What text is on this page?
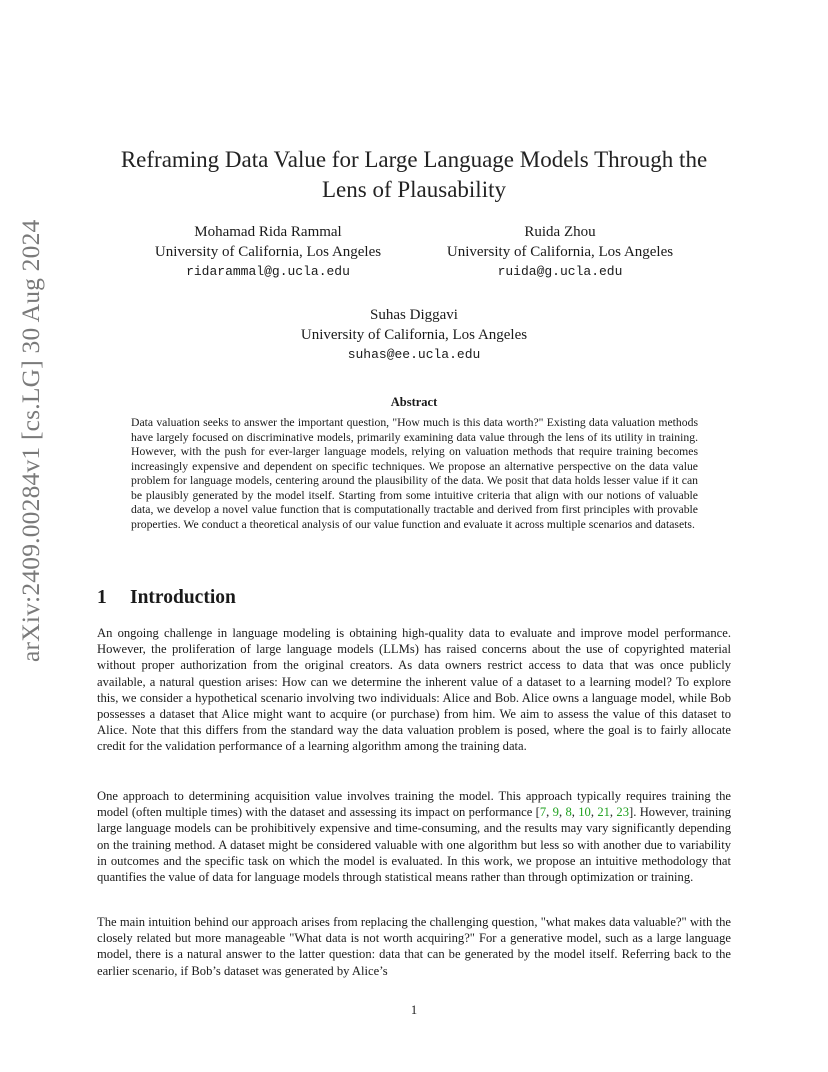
arXiv:2409.00284v1 [cs.LG] 30 Aug 2024
Reframing Data Value for Large Language Models Through the Lens of Plausability
Mohamad Rida Rammal
University of California, Los Angeles
ridarammal@g.ucla.edu
Ruida Zhou
University of California, Los Angeles
ruida@g.ucla.edu
Suhas Diggavi
University of California, Los Angeles
suhas@ee.ucla.edu
Abstract
Data valuation seeks to answer the important question, "How much is this data worth?" Existing data valuation methods have largely focused on discriminative models, primarily examining data value through the lens of its utility in training. However, with the push for ever-larger language models, relying on valuation methods that require training becomes increasingly expensive and dependent on specific techniques. We propose an alternative perspective on the data value problem for language models, centering around the plausibility of the data. We posit that data holds lesser value if it can be plausibly generated by the model itself. Starting from some intuitive criteria that align with our notions of valuable data, we develop a novel value function that is computationally tractable and derived from first principles with provable properties. We conduct a theoretical analysis of our value function and evaluate it across multiple scenarios and datasets.
1 Introduction
An ongoing challenge in language modeling is obtaining high-quality data to evaluate and improve model performance. However, the proliferation of large language models (LLMs) has raised concerns about the use of copyrighted material without proper authorization from the original creators. As data owners restrict access to data that was once publicly available, a natural question arises: How can we determine the inherent value of a dataset to a learning model? To explore this, we consider a hypothetical scenario involving two individuals: Alice and Bob. Alice owns a language model, while Bob possesses a dataset that Alice might want to acquire (or purchase) from him. We aim to assess the value of this dataset to Alice. Note that this differs from the standard way the data valuation problem is posed, where the goal is to fairly allocate credit for the validation performance of a learning algorithm among the training data.
One approach to determining acquisition value involves training the model. This approach typically requires training the model (often multiple times) with the dataset and assessing its impact on performance [7, 9, 8, 10, 21, 23]. However, training large language models can be prohibitively expensive and time-consuming, and the results may vary significantly depending on the training method. A dataset might be considered valuable with one algorithm but less so with another due to variability in outcomes and the specific task on which the model is evaluated. In this work, we propose an intuitive methodology that quantifies the value of data for language models through statistical means rather than through optimization or training.
The main intuition behind our approach arises from replacing the challenging question, "what makes data valuable?" with the closely related but more manageable "What data is not worth acquiring?" For a generative model, such as a large language model, there is a natural answer to the latter question: data that can be generated by the model itself. Referring back to the earlier scenario, if Bob’s dataset was generated by Alice’s
1
